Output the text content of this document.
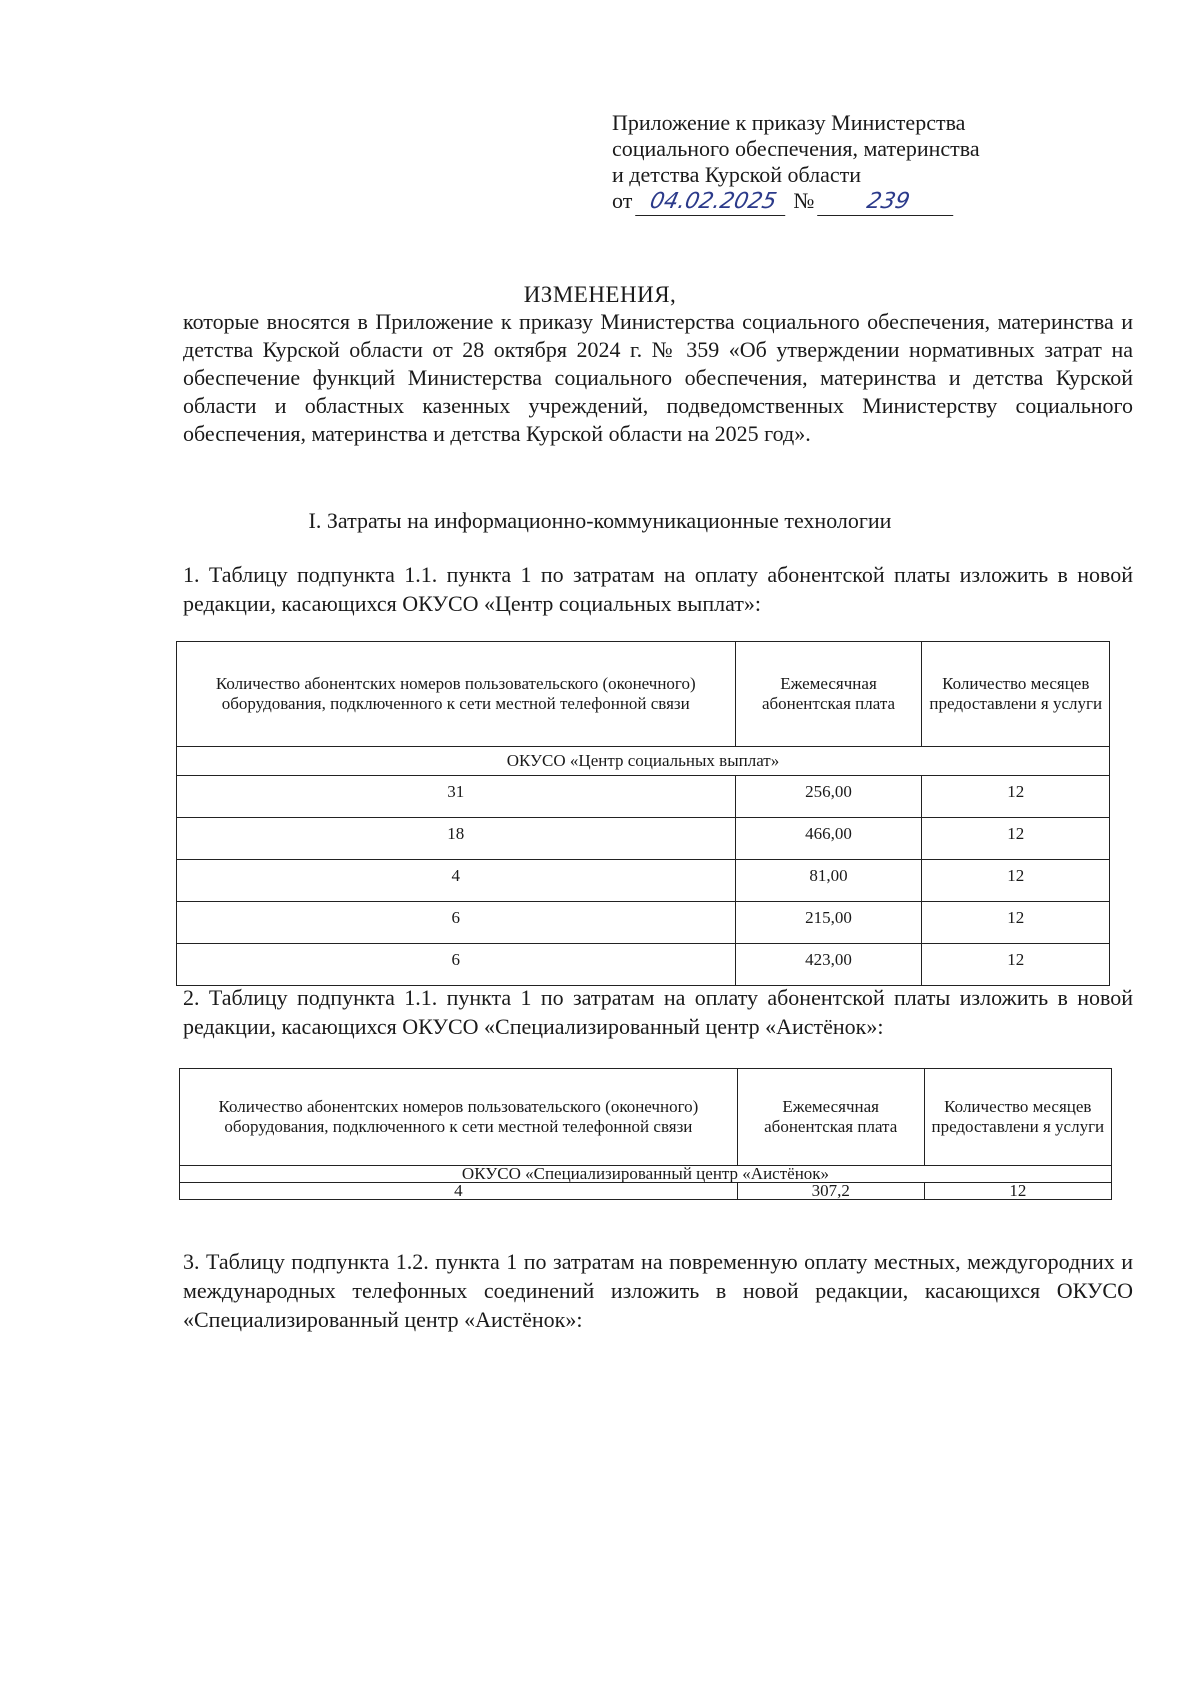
Приложение к приказу Министерства
социального обеспечения, материнства
и детства Курской области
от 04.02.2025 № 239
ИЗМЕНЕНИЯ,
которые вносятся в Приложение к приказу Министерства социального обеспечения, материнства и детства Курской области от 28 октября 2024 г. № 359 «Об утверждении нормативных затрат на обеспечение функций Министерства социального обеспечения, материнства и детства Курской области и областных казенных учреждений, подведомственных Министерству социального обеспечения, материнства и детства Курской области на 2025 год».
I. Затраты на информационно-коммуникационные технологии
1. Таблицу подпункта 1.1. пункта 1 по затратам на оплату абонентской платы изложить в новой редакции, касающихся ОКУСО «Центр социальных выплат»:
Количество абонентских номеров пользовательского (оконечного) оборудования, подключенного к сети местной телефонной связи	Ежемесячная абонентская плата	Количество месяцев предоставлени я услуги
ОКУСО «Центр социальных выплат»		
31	256,00	12
18	466,00	12
4	81,00	12
6	215,00	12
6	423,00	12
2. Таблицу подпункта 1.1. пункта 1 по затратам на оплату абонентской платы изложить в новой редакции, касающихся ОКУСО «Специализированный центр «Аистёнок»:
Количество абонентских номеров пользовательского (оконечного) оборудования, подключенного к сети местной телефонной связи	Ежемесячная абонентская плата	Количество месяцев предоставлени я услуги
ОКУСО «Специализированный центр «Аистёнок»		
4	307,2	12
3. Таблицу подпункта 1.2. пункта 1 по затратам на повременную оплату местных, междугородних и международных телефонных соединений изложить в новой редакции, касающихся ОКУСО «Специализированный центр «Аистёнок»:
